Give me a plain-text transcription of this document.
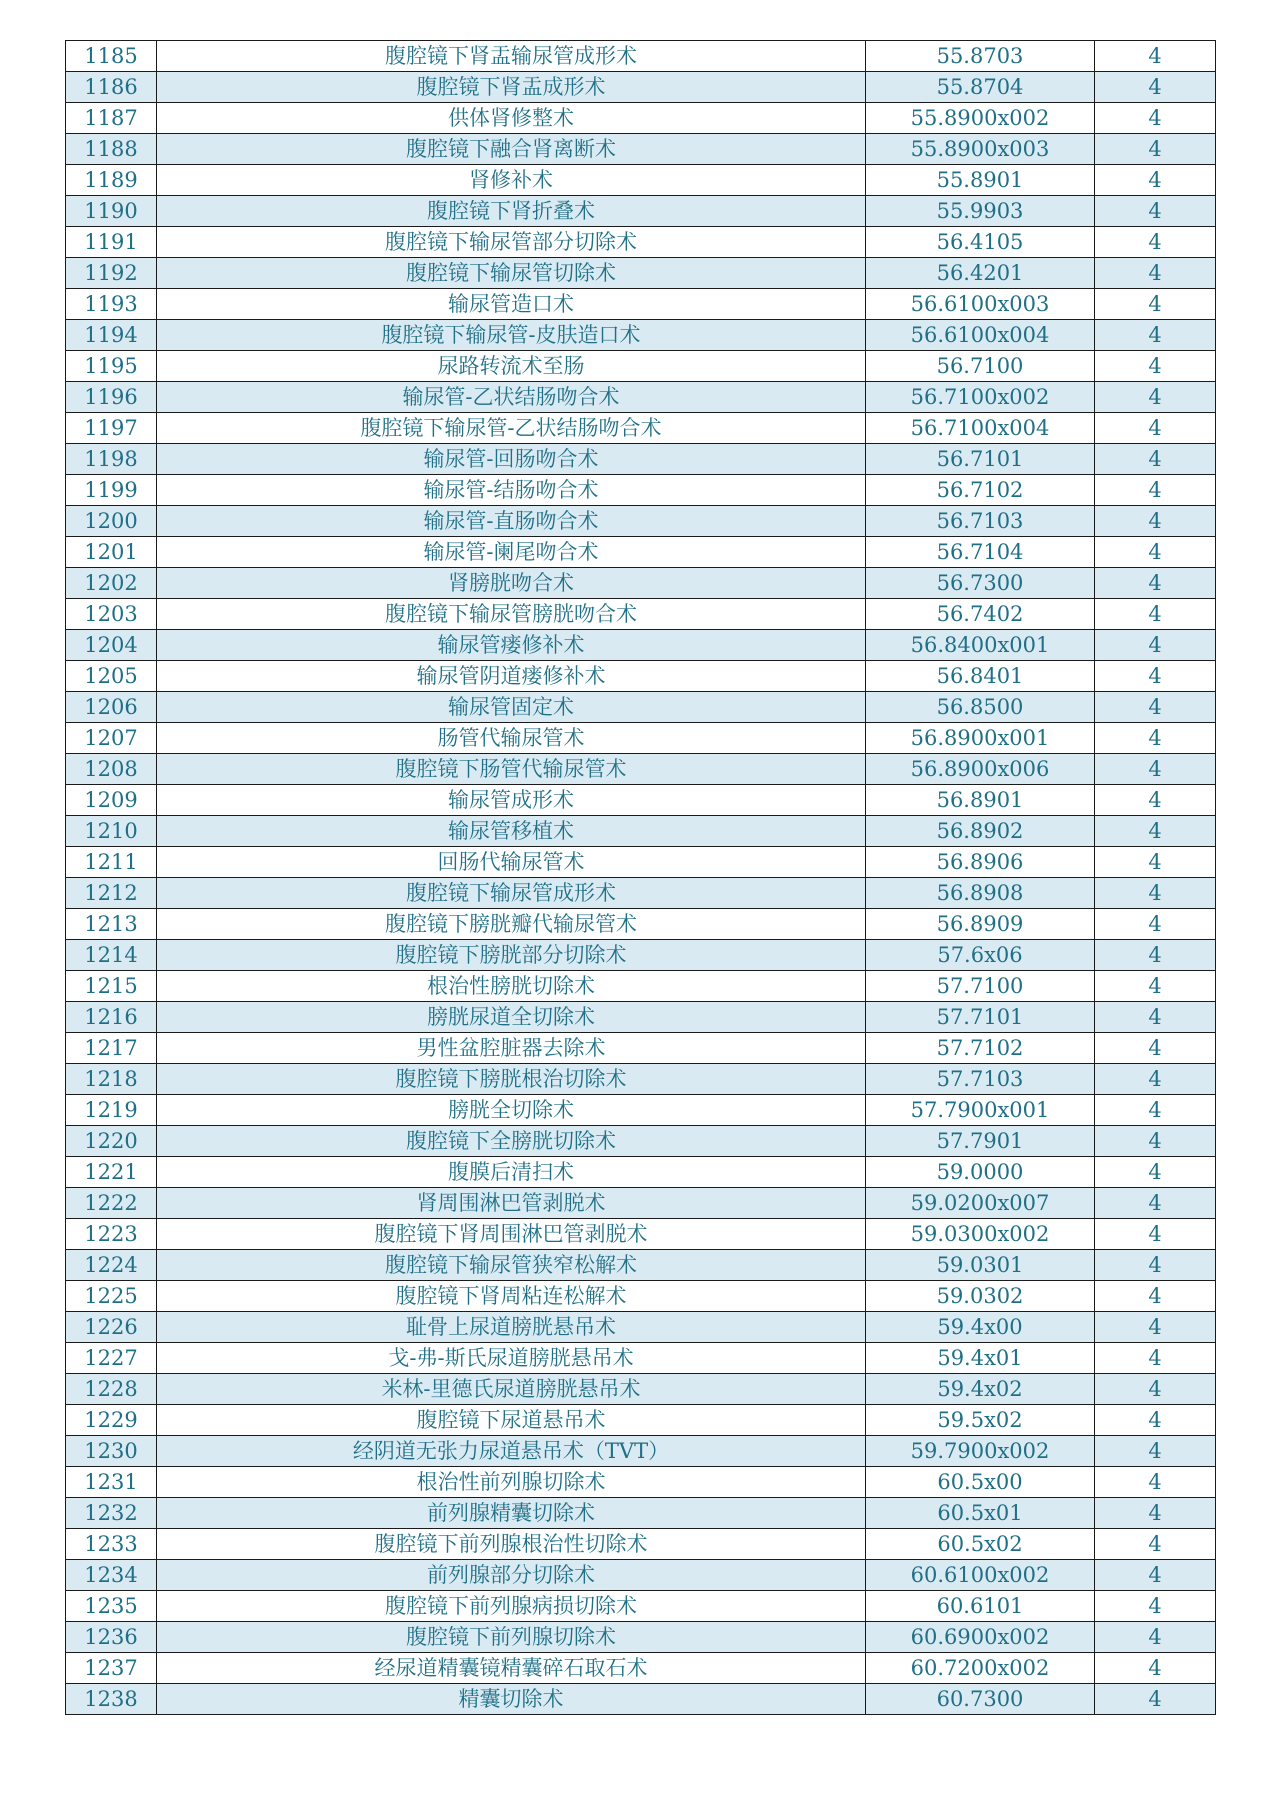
1185	腹腔镜下肾盂输尿管成形术	55.8703	4
1186	腹腔镜下肾盂成形术	55.8704	4
1187	供体肾修整术	55.8900x002	4
1188	腹腔镜下融合肾离断术	55.8900x003	4
1189	肾修补术	55.8901	4
1190	腹腔镜下肾折叠术	55.9903	4
1191	腹腔镜下输尿管部分切除术	56.4105	4
1192	腹腔镜下输尿管切除术	56.4201	4
1193	输尿管造口术	56.6100x003	4
1194	腹腔镜下输尿管-皮肤造口术	56.6100x004	4
1195	尿路转流术至肠	56.7100	4
1196	输尿管-乙状结肠吻合术	56.7100x002	4
1197	腹腔镜下输尿管-乙状结肠吻合术	56.7100x004	4
1198	输尿管-回肠吻合术	56.7101	4
1199	输尿管-结肠吻合术	56.7102	4
1200	输尿管-直肠吻合术	56.7103	4
1201	输尿管-阑尾吻合术	56.7104	4
1202	肾膀胱吻合术	56.7300	4
1203	腹腔镜下输尿管膀胱吻合术	56.7402	4
1204	输尿管瘘修补术	56.8400x001	4
1205	输尿管阴道瘘修补术	56.8401	4
1206	输尿管固定术	56.8500	4
1207	肠管代输尿管术	56.8900x001	4
1208	腹腔镜下肠管代输尿管术	56.8900x006	4
1209	输尿管成形术	56.8901	4
1210	输尿管移植术	56.8902	4
1211	回肠代输尿管术	56.8906	4
1212	腹腔镜下输尿管成形术	56.8908	4
1213	腹腔镜下膀胱瓣代输尿管术	56.8909	4
1214	腹腔镜下膀胱部分切除术	57.6x06	4
1215	根治性膀胱切除术	57.7100	4
1216	膀胱尿道全切除术	57.7101	4
1217	男性盆腔脏器去除术	57.7102	4
1218	腹腔镜下膀胱根治切除术	57.7103	4
1219	膀胱全切除术	57.7900x001	4
1220	腹腔镜下全膀胱切除术	57.7901	4
1221	腹膜后清扫术	59.0000	4
1222	肾周围淋巴管剥脱术	59.0200x007	4
1223	腹腔镜下肾周围淋巴管剥脱术	59.0300x002	4
1224	腹腔镜下输尿管狭窄松解术	59.0301	4
1225	腹腔镜下肾周粘连松解术	59.0302	4
1226	耻骨上尿道膀胱悬吊术	59.4x00	4
1227	戈-弗-斯氏尿道膀胱悬吊术	59.4x01	4
1228	米林-里德氏尿道膀胱悬吊术	59.4x02	4
1229	腹腔镜下尿道悬吊术	59.5x02	4
1230	经阴道无张力尿道悬吊术（TVT）	59.7900x002	4
1231	根治性前列腺切除术	60.5x00	4
1232	前列腺精囊切除术	60.5x01	4
1233	腹腔镜下前列腺根治性切除术	60.5x02	4
1234	前列腺部分切除术	60.6100x002	4
1235	腹腔镜下前列腺病损切除术	60.6101	4
1236	腹腔镜下前列腺切除术	60.6900x002	4
1237	经尿道精囊镜精囊碎石取石术	60.7200x002	4
1238	精囊切除术	60.7300	4
